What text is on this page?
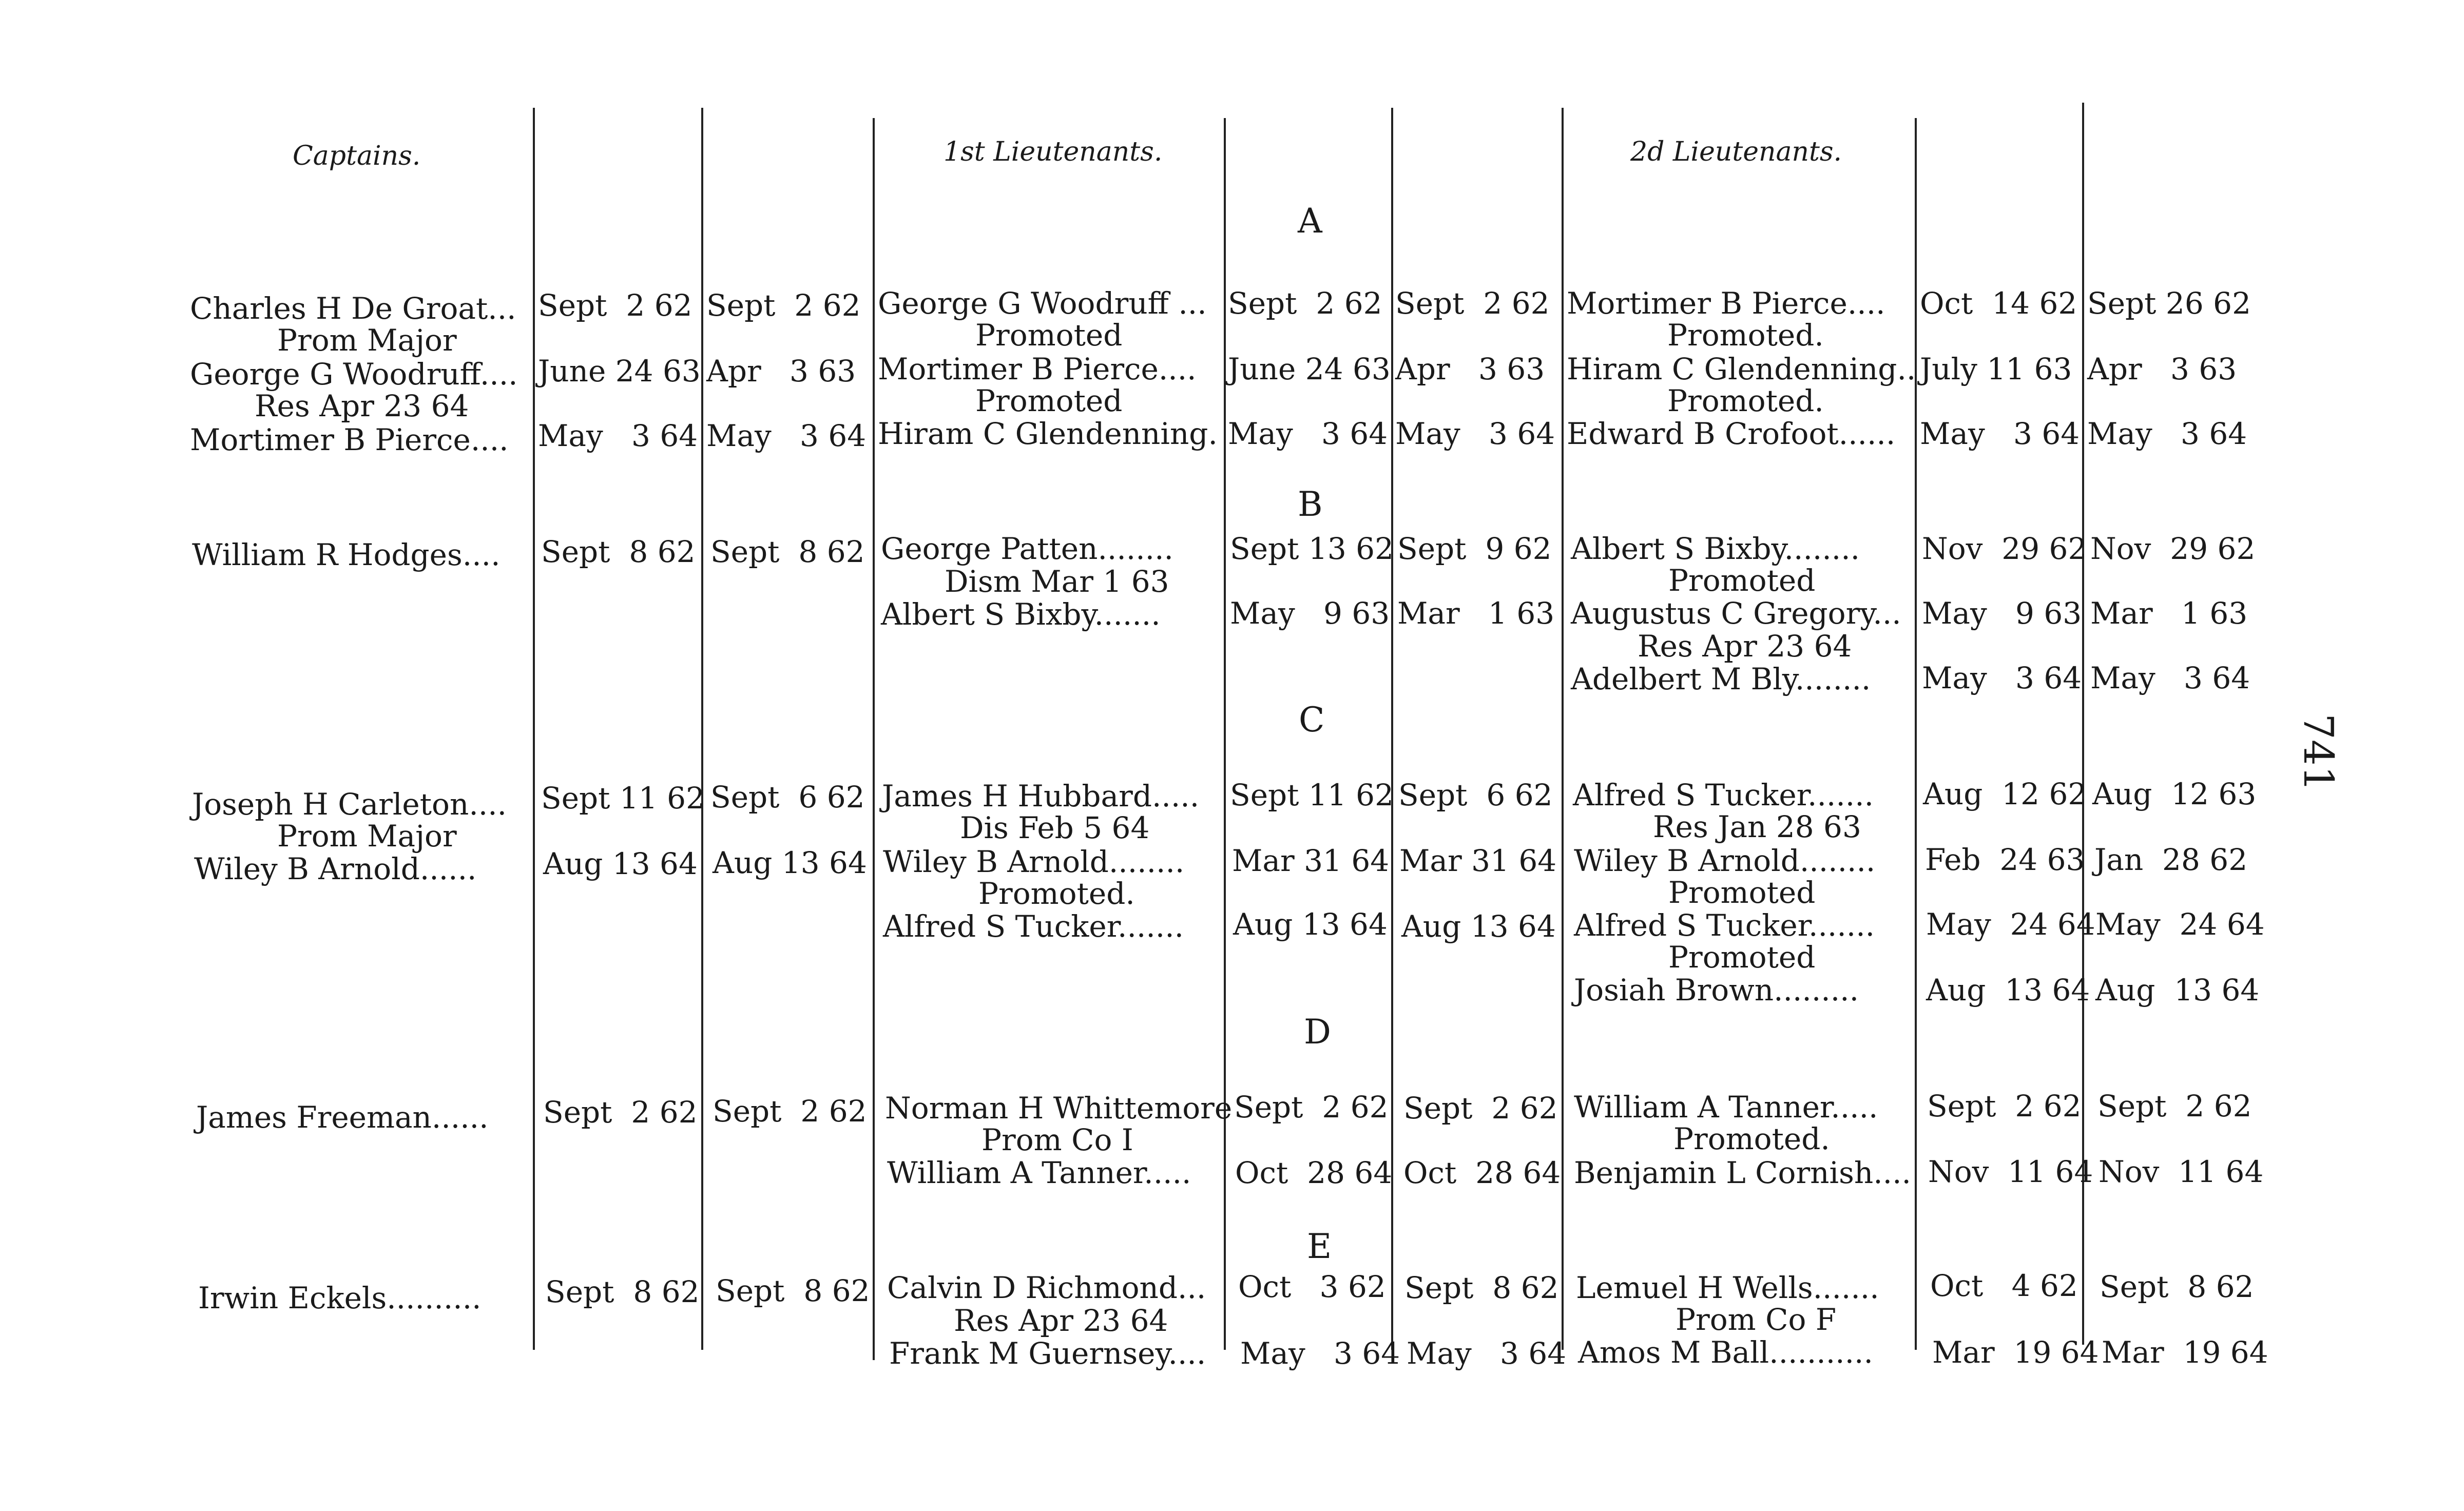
Captains.	1st Lieutenants.	2d Lieutenants.
741
A
Charles H De Groat...
Prom Major
Sept  2 62 Sept  2 62 George G Woodruff ...
Promoted
Sept  2 62 Sept  2 62 Mortimer B Pierce....
Promoted.
Oct  14 62 Sept 26 62
George G Woodruff....
Res Apr 23 64
June 24 63 Apr   3 63 Mortimer B Pierce....
Promoted
June 24 63 Apr   3 63 Hiram C Glendenning..
Promoted.
July 11 63 Apr   3 63
Mortimer B Pierce.... May   3 64 May   3 64 Hiram C Glendenning. May   3 64 May   3 64 Edward B Crofoot...... May   3 64 May   3 64
B
William R Hodges.... Sept  8 62 Sept  8 62 George Patten........
Dism Mar 1 63
Sept 13 62 Sept  9 62 Albert S Bixby........
Promoted
Nov  29 62 Nov  29 62
Albert S Bixby....... May   9 63 Mar   1 63 Augustus C Gregory...
Res Apr 23 64
May   9 63 Mar   1 63
Adelbert M Bly........ May   3 64 May   3 64
C
Joseph H Carleton....
Prom Major
Sept 11 62 Sept  6 62 James H Hubbard.....
Dis Feb 5 64
Sept 11 62 Sept  6 62 Alfred S Tucker.......
Res Jan 28 63
Aug  12 62 Aug  12 63
Wiley B Arnold...... Aug 13 64 Aug 13 64 Wiley B Arnold........
Promoted.
Mar 31 64 Mar 31 64 Wiley B Arnold........
Promoted
Feb  24 63 Jan  28 62
Alfred S Tucker....... Aug 13 64 Aug 13 64 Alfred S Tucker.......
Promoted
May  24 64 May  24 64
Josiah Brown......... Aug  13 64 Aug  13 64
D
James Freeman...... Sept  2 62 Sept  2 62 Norman H Whittemore
Prom Co I
Sept  2 62 Sept  2 62 William A Tanner.....
Promoted.
Sept  2 62 Sept  2 62
William A Tanner..... Oct  28 64 Oct  28 64 Benjamin L Cornish.... Nov  11 64 Nov  11 64
E
Irwin Eckels.......... Sept  8 62 Sept  8 62 Calvin D Richmond...
Res Apr 23 64
Oct   3 62 Sept  8 62 Lemuel H Wells.......
Prom Co F
Oct   4 62 Sept  8 62
Frank M Guernsey.... May   3 64 May   3 64 Amos M Ball........... Mar  19 64 Mar  19 64
